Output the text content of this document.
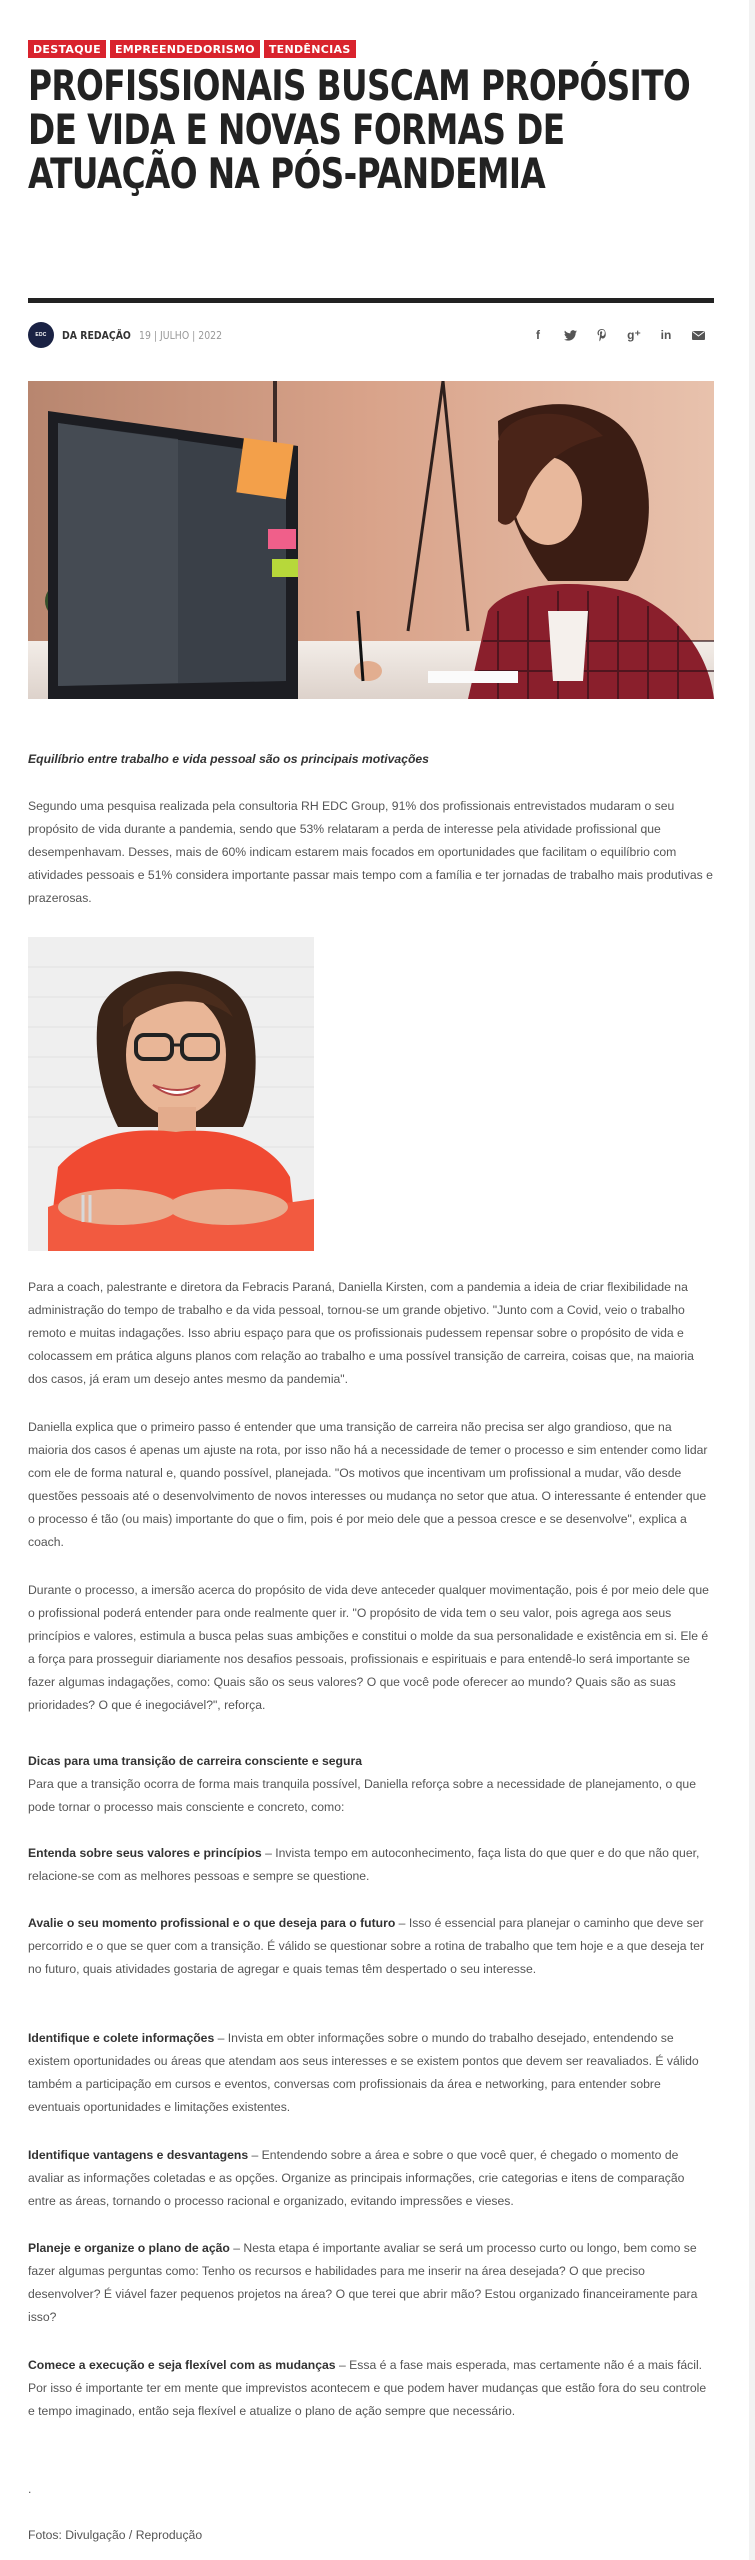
DESTAQUE	EMPREENDEDORISMO	TENDÊNCIAS
PROFISSIONAIS BUSCAM PROPÓSITO DE VIDA E NOVAS FORMAS DE ATUAÇÃO NA PÓS-PANDEMIA
EDC DA REDAÇÃO 19 | JULHO | 2022	f	g⁺	in

Equilíbrio entre trabalho e vida pessoal são os principais motivações

Segundo uma pesquisa realizada pela consultoria RH EDC Group, 91% dos profissionais entrevistados mudaram o seu propósito de vida durante a pandemia, sendo que 53% relataram a perda de interesse pela atividade profissional que desempenhavam. Desses, mais de 60% indicam estarem mais focados em oportunidades que facilitam o equilíbrio com atividades pessoais e 51% considera importante passar mais tempo com a família e ter jornadas de trabalho mais produtivas e prazerosas.

Para a coach, palestrante e diretora da Febracis Paraná, Daniella Kirsten, com a pandemia a ideia de criar flexibilidade na administração do tempo de trabalho e da vida pessoal, tornou-se um grande objetivo. "Junto com a Covid, veio o trabalho remoto e muitas indagações. Isso abriu espaço para que os profissionais pudessem repensar sobre o propósito de vida e colocassem em prática alguns planos com relação ao trabalho e uma possível transição de carreira, coisas que, na maioria dos casos, já eram um desejo antes mesmo da pandemia".

Daniella explica que o primeiro passo é entender que uma transição de carreira não precisa ser algo grandioso, que na maioria dos casos é apenas um ajuste na rota, por isso não há a necessidade de temer o processo e sim entender como lidar com ele de forma natural e, quando possível, planejada. "Os motivos que incentivam um profissional a mudar, vão desde questões pessoais até o desenvolvimento de novos interesses ou mudança no setor que atua. O interessante é entender que o processo é tão (ou mais) importante do que o fim, pois é por meio dele que a pessoa cresce e se desenvolve", explica a coach.

Durante o processo, a imersão acerca do propósito de vida deve anteceder qualquer movimentação, pois é por meio dele que o profissional poderá entender para onde realmente quer ir. "O propósito de vida tem o seu valor, pois agrega aos seus princípios e valores, estimula a busca pelas suas ambições e constitui o molde da sua personalidade e existência em si. Ele é a força para prosseguir diariamente nos desafios pessoais, profissionais e espirituais e para entendê-lo será importante se fazer algumas indagações, como: Quais são os seus valores? O que você pode oferecer ao mundo? Quais são as suas prioridades? O que é inegociável?", reforça.

Dicas para uma transição de carreira consciente e segura
Para que a transição ocorra de forma mais tranquila possível, Daniella reforça sobre a necessidade de planejamento, o que pode tornar o processo mais consciente e concreto, como:

Entenda sobre seus valores e princípios – Invista tempo em autoconhecimento, faça lista do que quer e do que não quer, relacione-se com as melhores pessoas e sempre se questione.

Avalie o seu momento profissional e o que deseja para o futuro – Isso é essencial para planejar o caminho que deve ser percorrido e o que se quer com a transição. É válido se questionar sobre a rotina de trabalho que tem hoje e a que deseja ter no futuro, quais atividades gostaria de agregar e quais temas têm despertado o seu interesse.

Identifique e colete informações – Invista em obter informações sobre o mundo do trabalho desejado, entendendo se existem oportunidades ou áreas que atendam aos seus interesses e se existem pontos que devem ser reavaliados. É válido também a participação em cursos e eventos, conversas com profissionais da área e networking, para entender sobre eventuais oportunidades e limitações existentes.

Identifique vantagens e desvantagens – Entendendo sobre a área e sobre o que você quer, é chegado o momento de avaliar as informações coletadas e as opções. Organize as principais informações, crie categorias e itens de comparação entre as áreas, tornando o processo racional e organizado, evitando impressões e vieses.

Planeje e organize o plano de ação – Nesta etapa é importante avaliar se será um processo curto ou longo, bem como se fazer algumas perguntas como: Tenho os recursos e habilidades para me inserir na área desejada? O que preciso desenvolver? É viável fazer pequenos projetos na área? O que terei que abrir mão? Estou organizado financeiramente para isso?

Comece a execução e seja flexível com as mudanças – Essa é a fase mais esperada, mas certamente não é a mais fácil. Por isso é importante ter em mente que imprevistos acontecem e que podem haver mudanças que estão fora do seu controle e tempo imaginado, então seja flexível e atualize o plano de ação sempre que necessário.

.

Fotos: Divulgação / Reprodução
